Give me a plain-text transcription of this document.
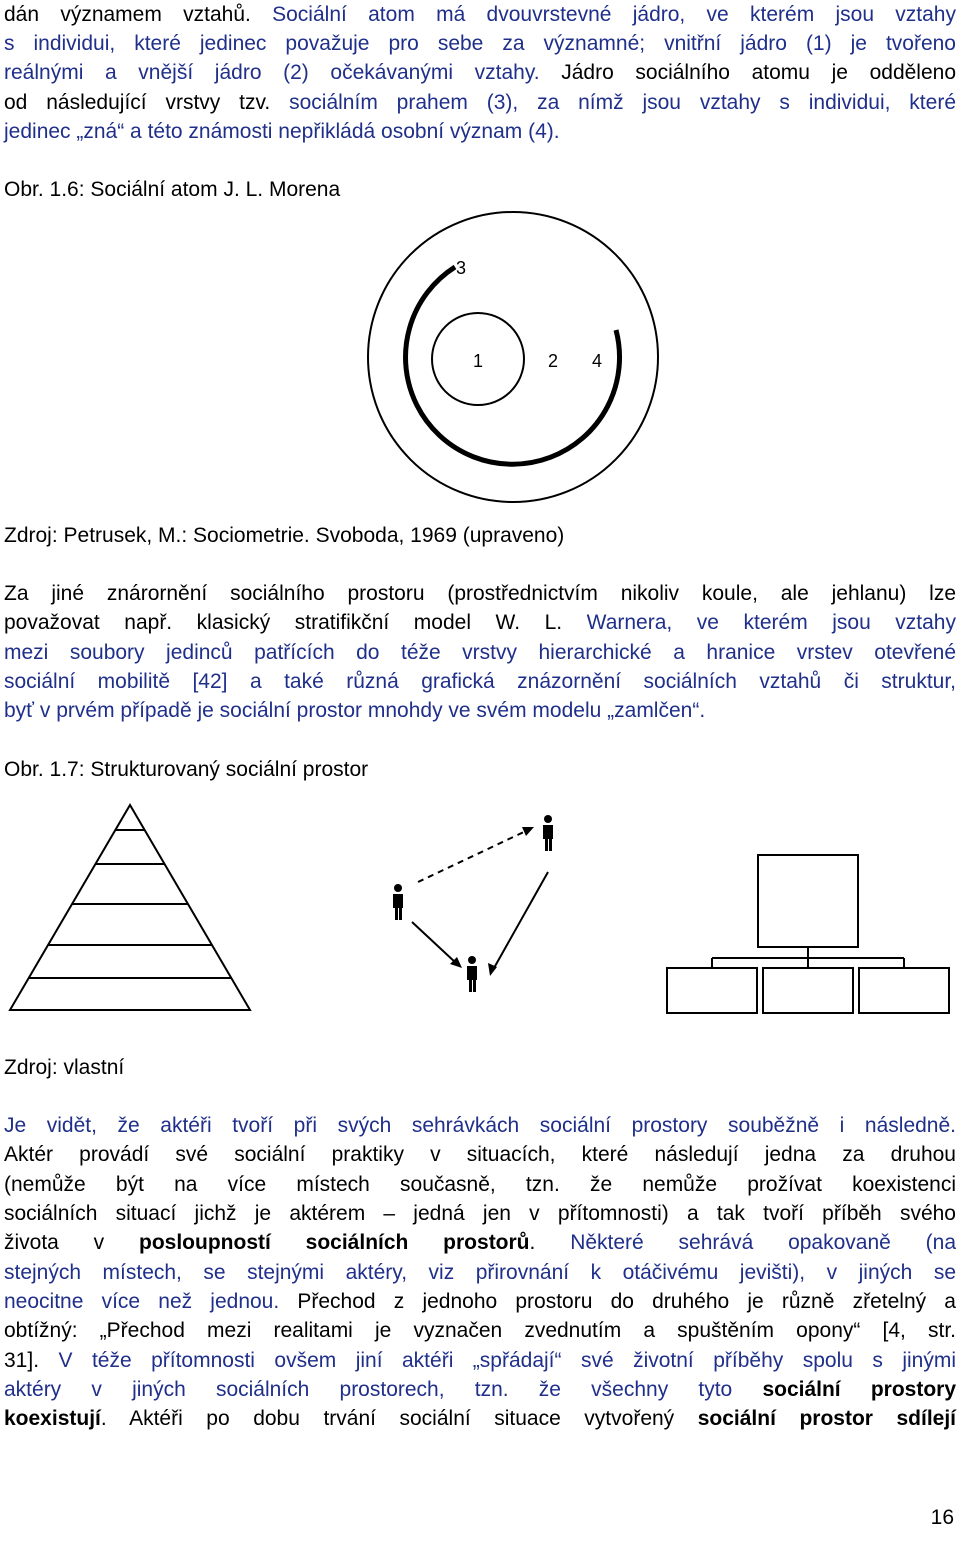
dán významem vztahů. Sociální atom má dvouvrstevné jádro, ve kterém jsou vztahy
s individui, které jedinec považuje pro sebe za významné; vnitřní jádro (1) je tvořeno
reálnými a vnější jádro (2) očekávanými vztahy. Jádro sociálního atomu je odděleno
od následující vrstvy tzv. sociálním prahem (3), za nímž jsou vztahy s individui, které
jedinec „zná“ a této známosti nepřikládá osobní význam (4).
Obr. 1.6: Sociální atom J. L. Morena
3
1	2 4
Zdroj: Petrusek, M.: Sociometrie. Svoboda, 1969 (upraveno)
Za jiné znárornění sociálního prostoru (prostřednictvím nikoliv koule, ale jehlanu) lze
považovat např. klasický stratifikční model W. L. Warnera, ve kterém jsou vztahy
mezi soubory jedinců patřících do téže vrstvy hierarchické a hranice vrstev otevřené
sociální mobilitě [42] a také různá grafická znázornění sociálních vztahů či struktur,
byť v prvém případě je sociální prostor mnohdy ve svém modelu „zamlčen“.
Obr. 1.7: Strukturovaný sociální prostor
Zdroj: vlastní
Je vidět, že aktéři tvoří při svých sehrávkách sociální prostory souběžně i následně.
Aktér provádí své sociální praktiky v situacích, které následují jedna za druhou
(nemůže být na více místech současně, tzn. že nemůže prožívat koexistenci
sociálních situací jichž je aktérem – jedná jen v přítomnosti) a tak tvoří příběh svého
života v posloupností sociálních prostorů. Některé sehrává opakovaně (na
stejných místech, se stejnými aktéry, viz přirovnání k otáčivému jevišti), v jiných se
neocitne více než jednou. Přechod z jednoho prostoru do druhého je různě zřetelný a
obtížný: „Přechod mezi realitami je vyznačen zvednutím a spuštěním opony“ [4, str.
31]. V téže přítomnosti ovšem jiní aktéři „spřádají“ své životní příběhy spolu s jinými
aktéry v jiných sociálních prostorech, tzn. že všechny tyto sociální prostory
koexistují. Aktéři po dobu trvání sociální situace vytvořený sociální prostor sdílejí
16
